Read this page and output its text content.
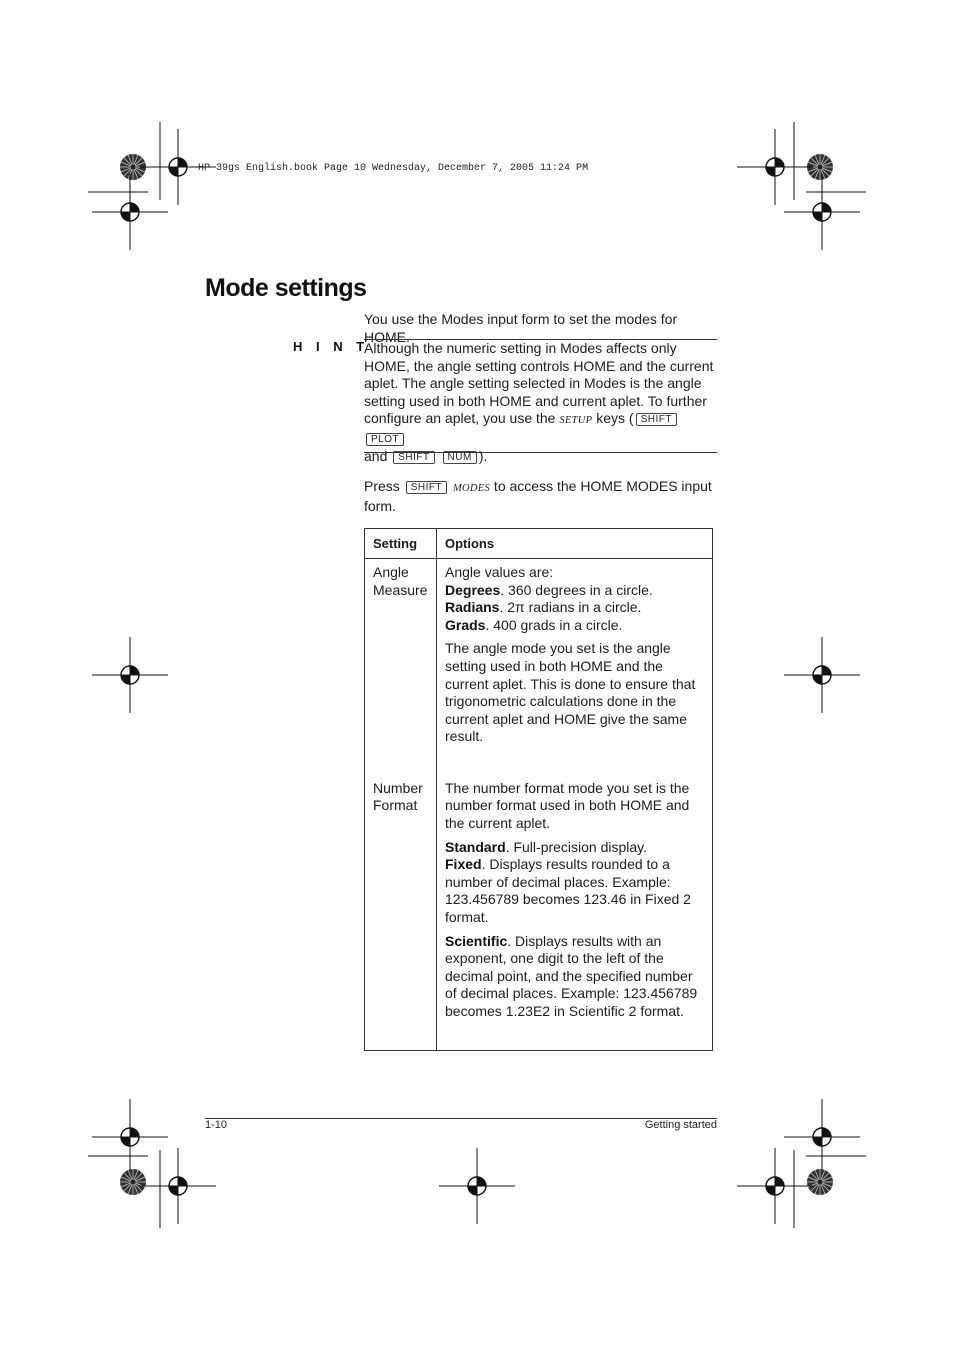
HP 39gs English.book Page 10 Wednesday, December 7, 2005 11:24 PM
Mode settings
You use the Modes input form to set the modes for HOME.
H I N T
Although the numeric setting in Modes affects only HOME, the angle setting controls HOME and the current aplet. The angle setting selected in Modes is the angle setting used in both HOME and current aplet. To further configure an aplet, you use the SETUP keys ( SHIFT PLOT
and SHIFT NUM ).
Press SHIFT MODES to access the HOME MODES input form.
Setting	Options

Angle Measure	Angle values are:

Degrees. 360 degrees in a circle.

Radians. 2π radians in a circle.

Grads. 400 grads in a circle.

The angle mode you set is the angle setting used in both HOME and the current aplet. This is done to ensure that trigonometric calculations done in the current aplet and HOME give the same result.

Number Format	The number format mode you set is the number format used in both HOME and the current aplet.

Standard. Full-precision display.

Fixed. Displays results rounded to a number of decimal places. Example: 123.456789 becomes 123.46 in Fixed 2 format.

Scientific. Displays results with an exponent, one digit to the left of the decimal point, and the specified number of decimal places. Example: 123.456789 becomes 1.23E2 in Scientific 2 format.

1-10	Getting started
